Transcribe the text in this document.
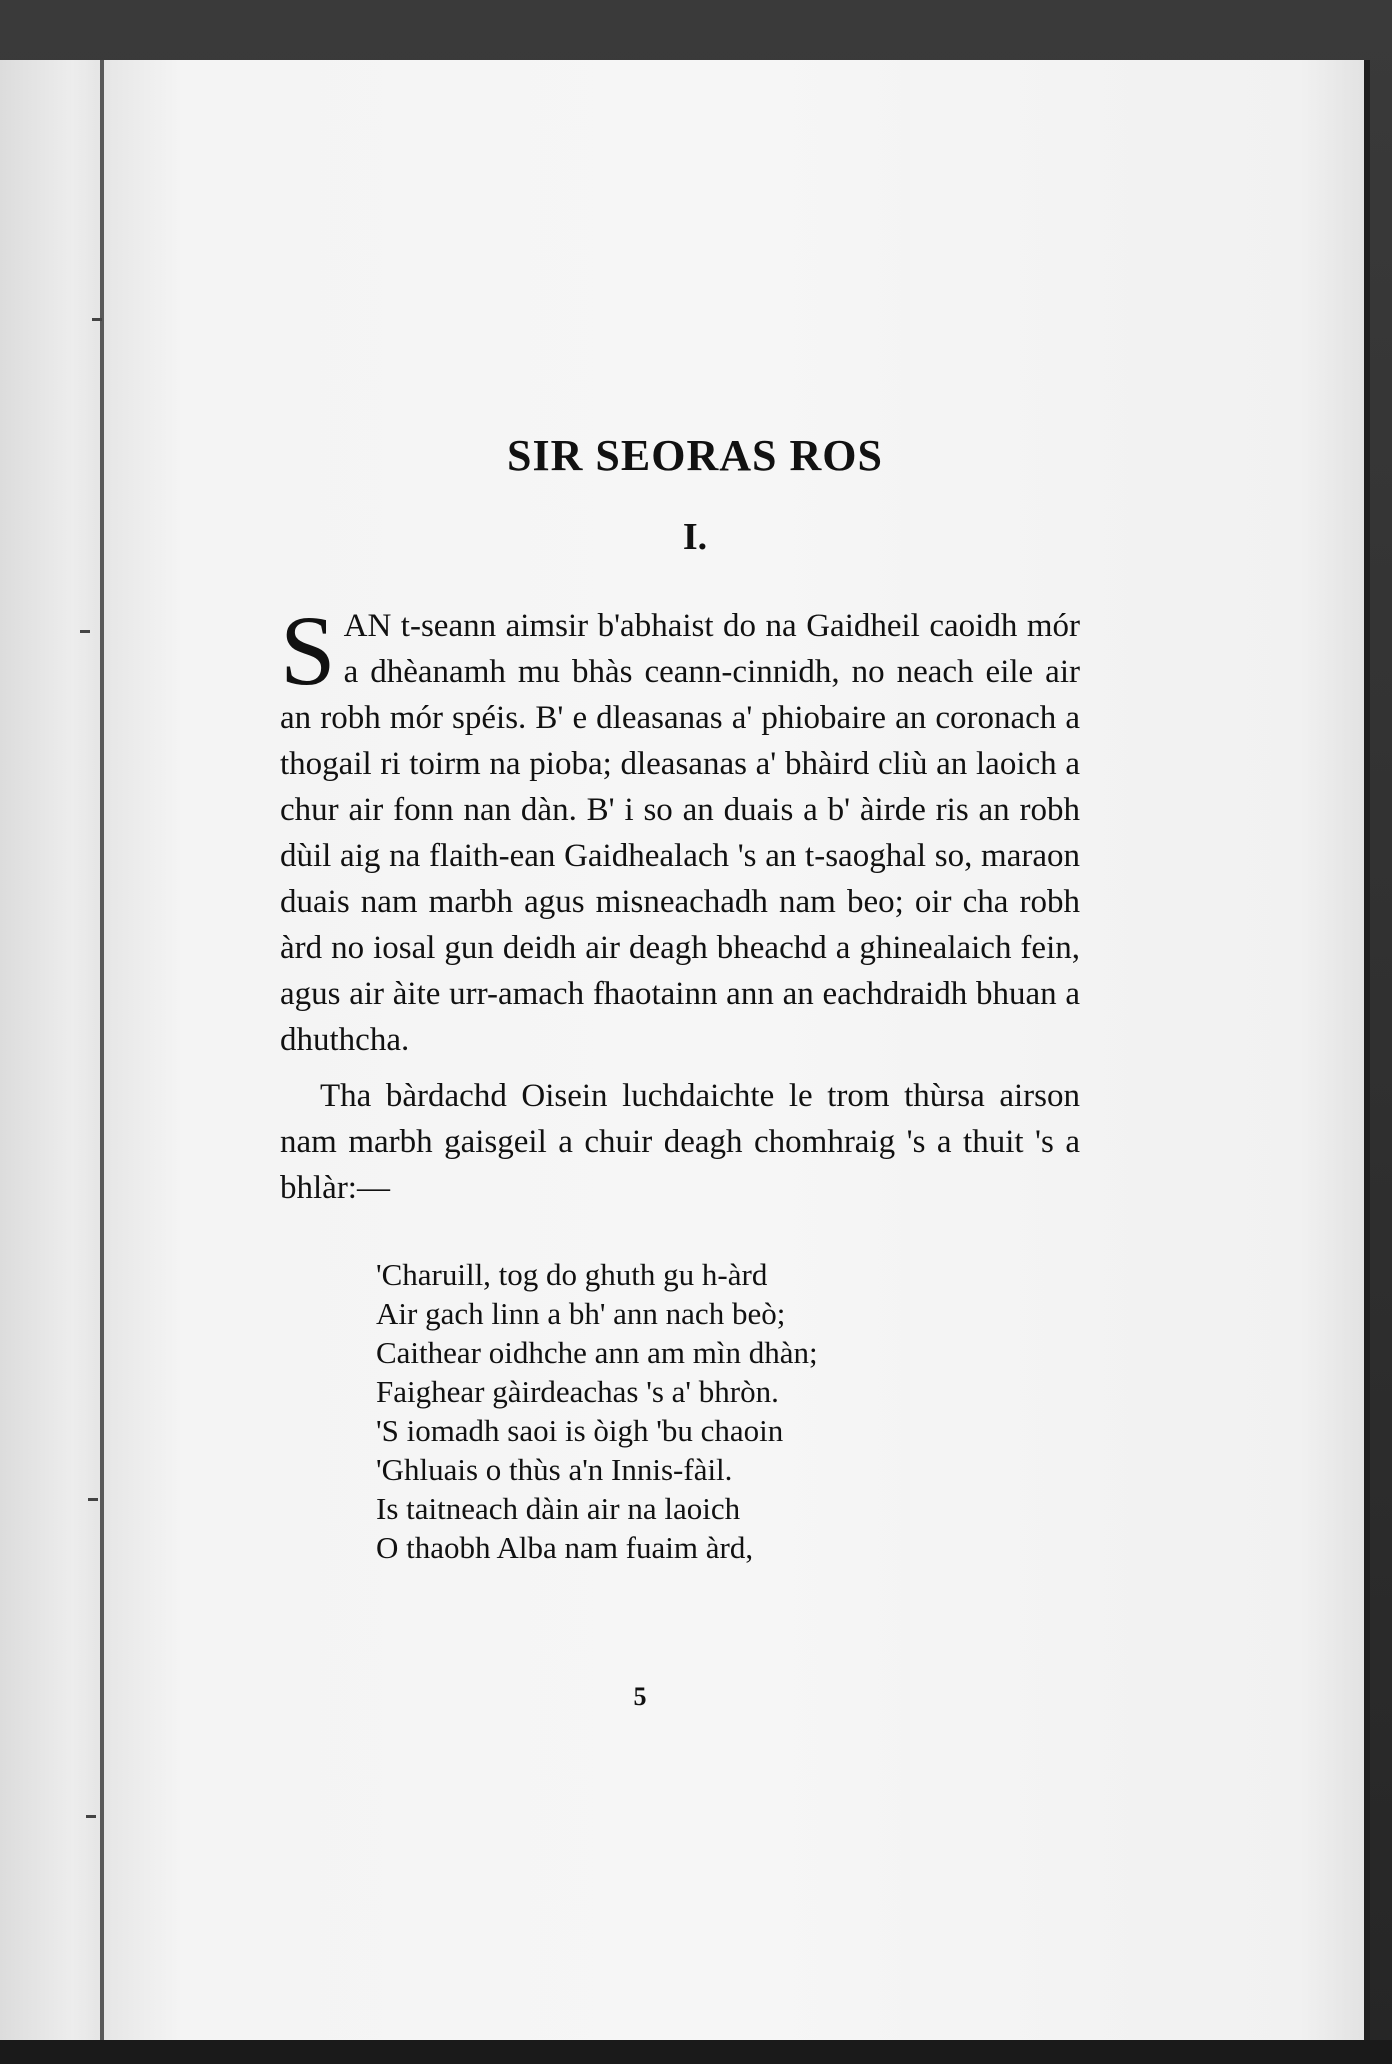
SIR SEORAS ROS
I.

SAN t-seann aimsir b'abhaist do na Gaidheil caoidh mór a dhèanamh mu bhàs ceann-cinnidh, no neach eile air an robh mór spéis. B' e dleasanas a' phiobaire an coronach a thogail ri toirm na pioba; dleasanas a' bhàird cliù an laoich a chur air fonn nan dàn. B' i so an duais a b' àirde ris an robh dùil aig na flaith-ean Gaidhealach 's an t-saoghal so, maraon duais nam marbh agus misneachadh nam beo; oir cha robh àrd no iosal gun deidh air deagh bheachd a ghinealaich fein, agus air àite urr-amach fhaotainn ann an eachdraidh bhuan a dhuthcha.

Tha bàrdachd Oisein luchdaichte le trom thùrsa airson nam marbh gaisgeil a chuir deagh chomhraig 's a thuit 's a bhlàr:—

'Charuill, tog do ghuth gu h-àrd
Air gach linn a bh' ann nach beò;
Caithear oidhche ann am mìn dhàn;
Faighear gàirdeachas 's a' bhròn.
'S iomadh saoi is òigh 'bu chaoin
'Ghluais o thùs a'n Innis-fàil.
Is taitneach dàin air na laoich
O thaobh Alba nam fuaim àrd,
5
